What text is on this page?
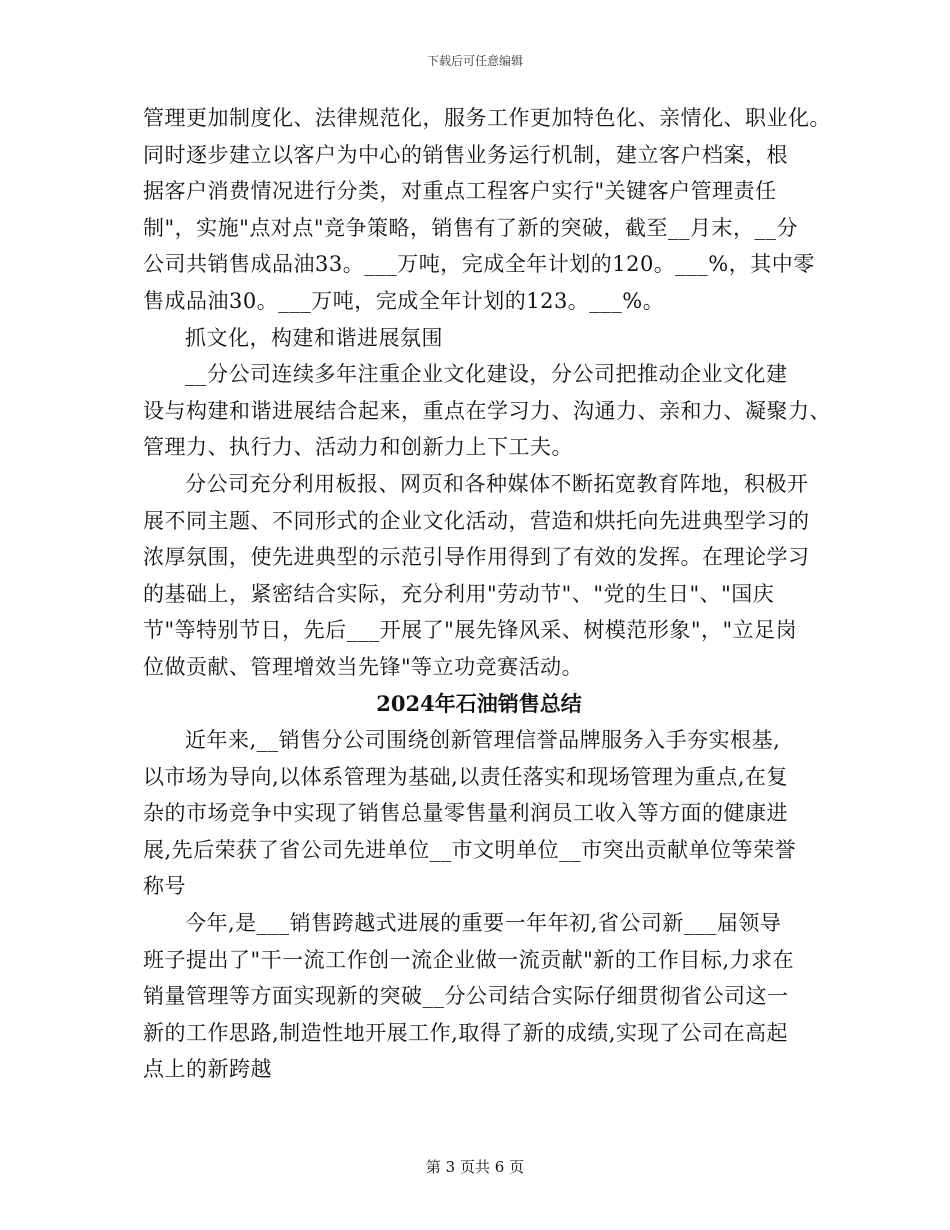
下载后可任意编辑

管理更加制度化、法律规范化，服务工作更加特色化、亲情化、职业化。
同时逐步建立以客户为中心的销售业务运行机制，建立客户档案，根
据客户消费情况进行分类，对重点工程客户实行"关键客户管理责任
制"，实施"点对点"竞争策略，销售有了新的突破，截至__月末，__分
公司共销售成品油33。___万吨，完成全年计划的120。___%，其中零
售成品油30。___万吨，完成全年计划的123。___%。

抓文化，构建和谐进展氛围

__分公司连续多年注重企业文化建设，分公司把推动企业文化建
设与构建和谐进展结合起来，重点在学习力、沟通力、亲和力、凝聚力、
管理力、执行力、活动力和创新力上下工夫。

分公司充分利用板报、网页和各种媒体不断拓宽教育阵地，积极开
展不同主题、不同形式的企业文化活动，营造和烘托向先进典型学习的
浓厚氛围，使先进典型的示范引导作用得到了有效的发挥。在理论学习
的基础上，紧密结合实际，充分利用"劳动节"、"党的生日"、"国庆
节"等特别节日，先后___开展了"展先锋风采、树模范形象"，"立足岗
位做贡献、管理增效当先锋"等立功竞赛活动。

2024年石油销售总结

近年来,__销售分公司围绕创新管理信誉品牌服务入手夯实根基,
以市场为导向,以体系管理为基础,以责任落实和现场管理为重点,在复
杂的市场竞争中实现了销售总量零售量利润员工收入等方面的健康进
展,先后荣获了省公司先进单位__市文明单位__市突出贡献单位等荣誉
称号

今年,是___销售跨越式进展的重要一年年初,省公司新___届领导
班子提出了"干一流工作创一流企业做一流贡献"新的工作目标,力求在
销量管理等方面实现新的突破__分公司结合实际仔细贯彻省公司这一
新的工作思路,制造性地开展工作,取得了新的成绩,实现了公司在高起
点上的新跨越

第 3 页共 6 页
